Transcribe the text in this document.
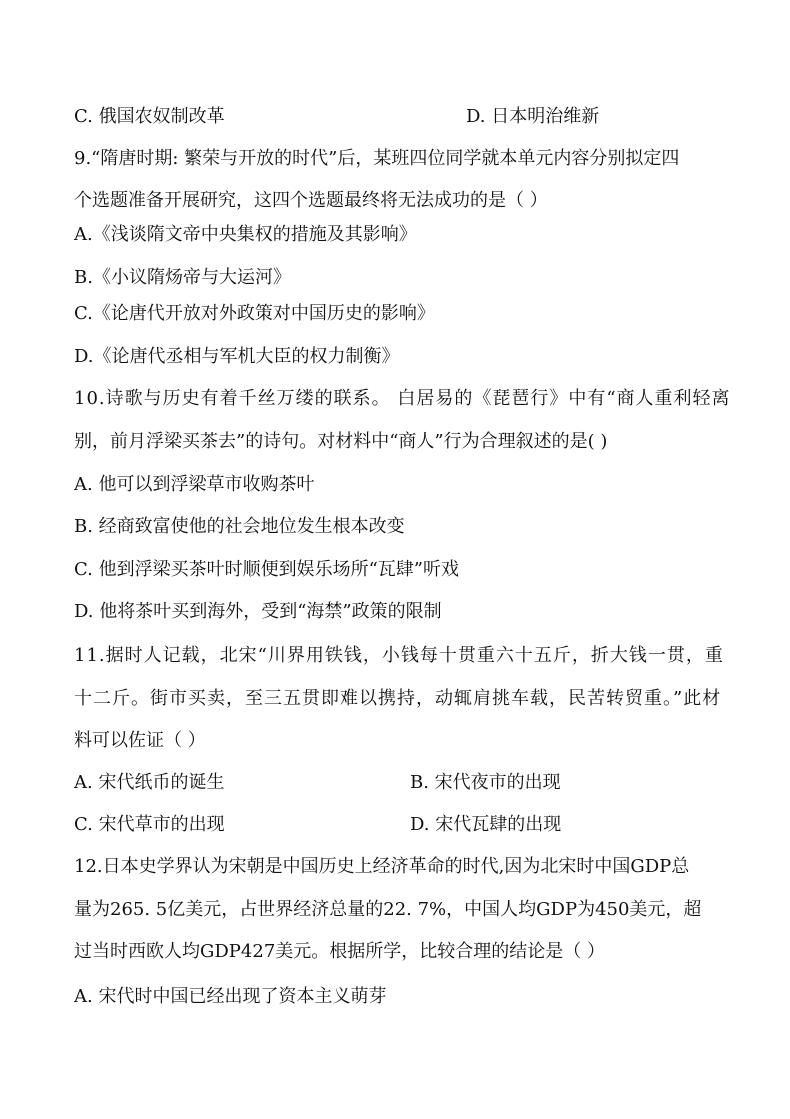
C. 俄国农奴制改革	D. 日本明治维新
9.“隋唐时期: 繁荣与开放的时代”后，某班四位同学就本单元内容分别拟定四
个选题准备开展研究，这四个选题最终将无法成功的是（ ）
A.《浅谈隋文帝中央集权的措施及其影响》
B.《小议隋炀帝与大运河》
C.《论唐代开放对外政策对中国历史的影响》
D.《论唐代丞相与军机大臣的权力制衡》
10.诗歌与历史有着千丝万缕的联系。 白居易的《琵琶行》中有“商人重利轻离
别，前月浮梁买茶去”的诗句。对材料中“商人”行为合理叙述的是( )
A. 他可以到浮梁草市收购茶叶
B. 经商致富使他的社会地位发生根本改变
C. 他到浮梁买茶叶时顺便到娱乐场所“瓦肆”听戏
D. 他将茶叶买到海外，受到“海禁”政策的限制
11.据时人记载，北宋“川界用铁钱，小钱每十贯重六十五斤，折大钱一贯，重
十二斤。街市买卖，至三五贯即难以携持，动辄肩挑车载，民苦转贸重。”此材
料可以佐证（ ）
A. 宋代纸币的诞生	B. 宋代夜市的出现
C. 宋代草市的出现	D. 宋代瓦肆的出现
12.日本史学界认为宋朝是中国历史上经济革命的时代,因为北宋时中国GDP总
量为265. 5亿美元，占世界经济总量的22. 7%，中国人均GDP为450美元，超
过当时西欧人均GDP427美元。根据所学，比较合理的结论是（ ）
A. 宋代时中国已经出现了资本主义萌芽
